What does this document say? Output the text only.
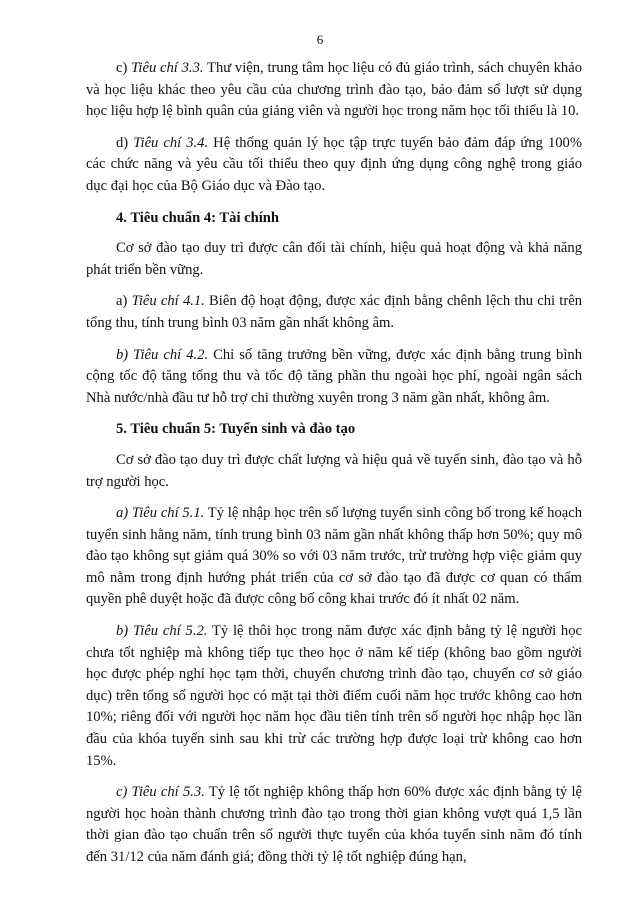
6

c) Tiêu chí 3.3. Thư viện, trung tâm học liệu có đủ giáo trình, sách chuyên khảo và học liệu khác theo yêu cầu của chương trình đào tạo, bảo đảm số lượt sử dụng học liệu hợp lệ bình quân của giảng viên và người học trong năm học tối thiểu là 10.

d) Tiêu chí 3.4. Hệ thống quản lý học tập trực tuyến bảo đảm đáp ứng 100% các chức năng và yêu cầu tối thiểu theo quy định ứng dụng công nghệ trong giáo dục đại học của Bộ Giáo dục và Đào tạo.

4. Tiêu chuẩn 4: Tài chính

Cơ sở đào tạo duy trì được cân đối tài chính, hiệu quả hoạt động và khả năng phát triển bền vững.

a) Tiêu chí 4.1. Biên độ hoạt động, được xác định bằng chênh lệch thu chi trên tổng thu, tính trung bình 03 năm gần nhất không âm.

b) Tiêu chí 4.2. Chỉ số tăng trưởng bền vững, được xác định bằng trung bình cộng tốc độ tăng tổng thu và tốc độ tăng phần thu ngoài học phí, ngoài ngân sách Nhà nước/nhà đầu tư hỗ trợ chi thường xuyên trong 3 năm gần nhất, không âm.

5. Tiêu chuẩn 5: Tuyển sinh và đào tạo

Cơ sở đào tạo duy trì được chất lượng và hiệu quả về tuyển sinh, đào tạo và hỗ trợ người học.

a) Tiêu chí 5.1. Tỷ lệ nhập học trên số lượng tuyển sinh công bố trong kế hoạch tuyển sinh hằng năm, tính trung bình 03 năm gần nhất không thấp hơn 50%; quy mô đào tạo không sụt giảm quá 30% so với 03 năm trước, trừ trường hợp việc giảm quy mô nằm trong định hướng phát triển của cơ sở đào tạo đã được cơ quan có thẩm quyền phê duyệt hoặc đã được công bố công khai trước đó ít nhất 02 năm.

b) Tiêu chí 5.2. Tỷ lệ thôi học trong năm được xác định bằng tỷ lệ người học chưa tốt nghiệp mà không tiếp tục theo học ở năm kế tiếp (không bao gồm người học được phép nghỉ học tạm thời, chuyển chương trình đào tạo, chuyển cơ sở giáo dục) trên tổng số người học có mặt tại thời điểm cuối năm học trước không cao hơn 10%; riêng đối với người học năm học đầu tiên tính trên số người học nhập học lần đầu của khóa tuyển sinh sau khi trừ các trường hợp được loại trừ không cao hơn 15%.

c) Tiêu chí 5.3. Tỷ lệ tốt nghiệp không thấp hơn 60% được xác định bằng tỷ lệ người học hoàn thành chương trình đào tạo trong thời gian không vượt quá 1,5 lần thời gian đào tạo chuẩn trên số người thực tuyển của khóa tuyển sinh năm đó tính đến 31/12 của năm đánh giá; đồng thời tỷ lệ tốt nghiệp đúng hạn,
